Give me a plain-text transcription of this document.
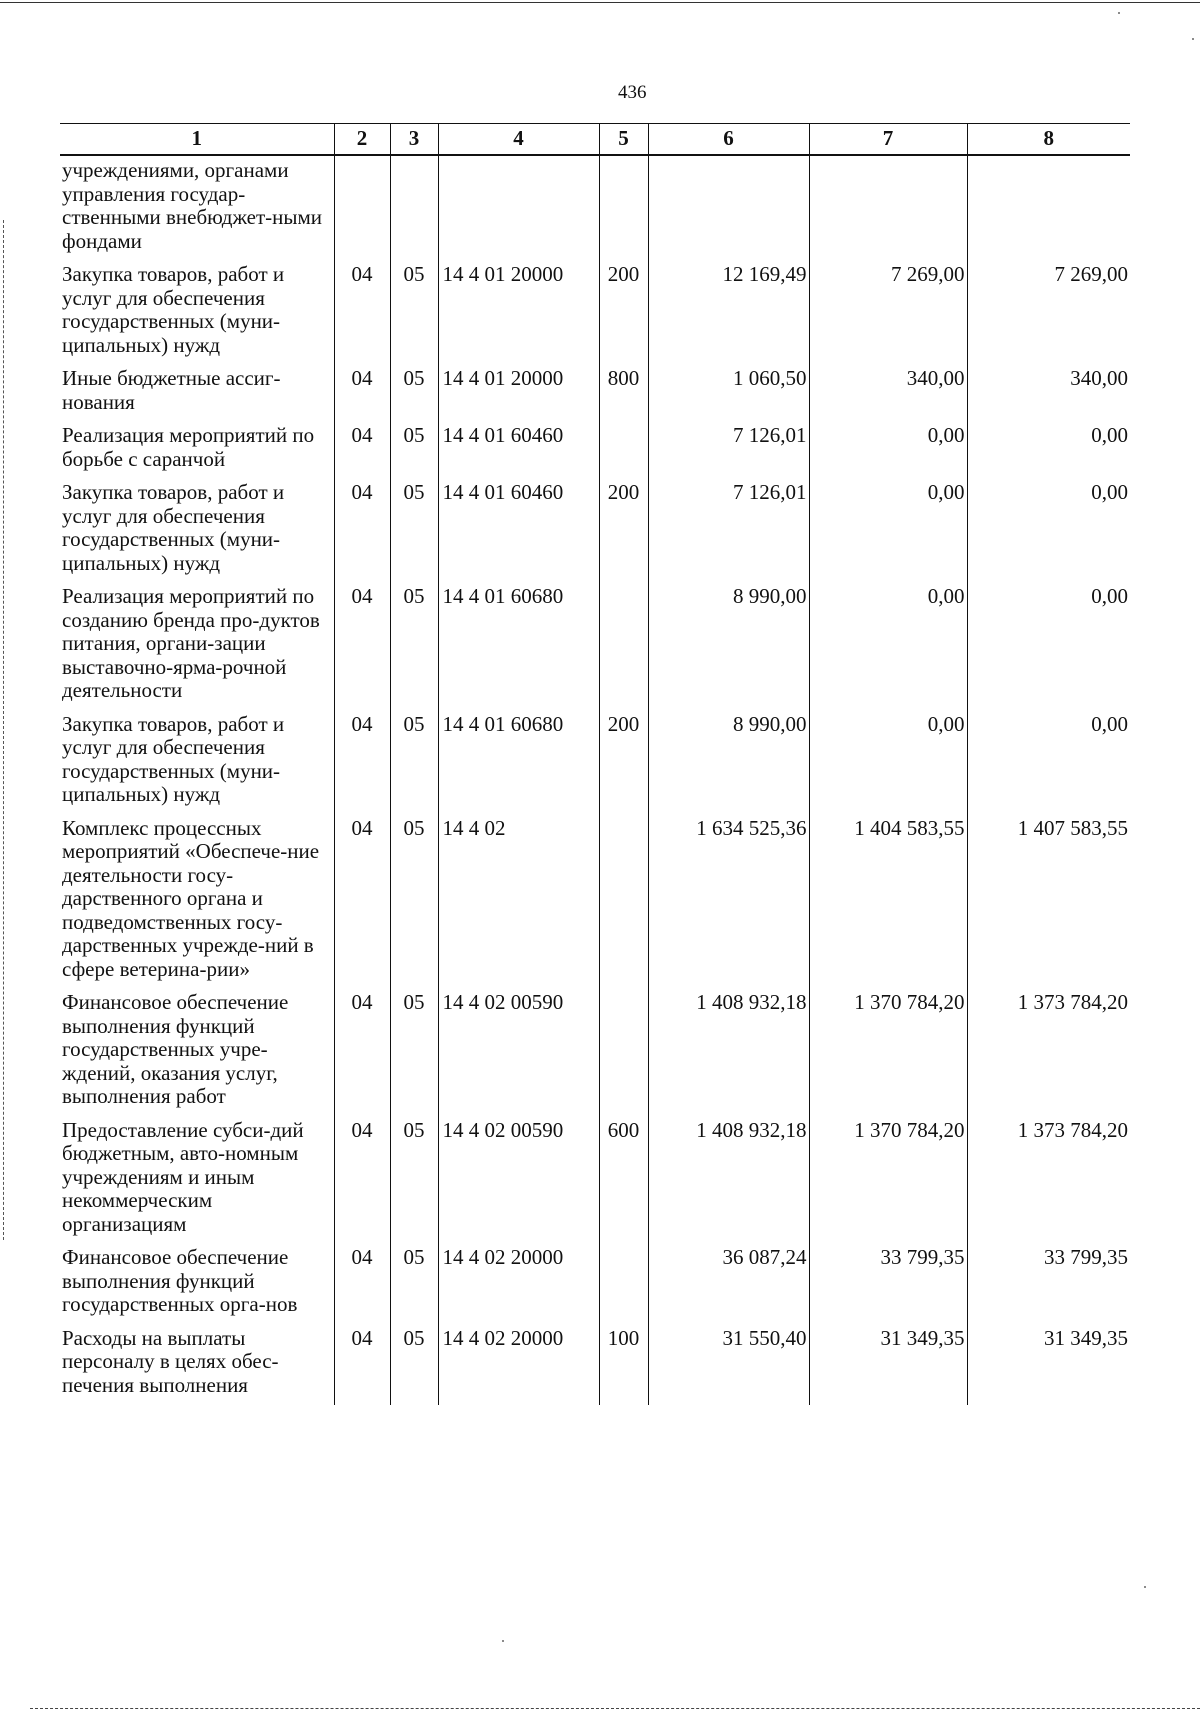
436
1	2	3	4	5	6	7	8
учреждениями, органами управления государ-ственными внебюджет-ными фондами							
Закупка товаров, работ и услуг для обеспечения государственных (муни-ципальных) нужд	04	05	14 4 01 20000	200	12 169,49	7 269,00	7 269,00
Иные бюджетные ассиг-нования	04	05	14 4 01 20000	800	1 060,50	340,00	340,00
Реализация мероприятий по борьбе с саранчой	04	05	14 4 01 60460		7 126,01	0,00	0,00
Закупка товаров, работ и услуг для обеспечения государственных (муни-ципальных) нужд	04	05	14 4 01 60460	200	7 126,01	0,00	0,00
Реализация мероприятий по созданию бренда про-дуктов питания, органи-зации выставочно-ярма-рочной деятельности	04	05	14 4 01 60680		8 990,00	0,00	0,00
Закупка товаров, работ и услуг для обеспечения государственных (муни-ципальных) нужд	04	05	14 4 01 60680	200	8 990,00	0,00	0,00
Комплекс процессных мероприятий «Обеспече-ние деятельности госу-дарственного органа и подведомственных госу-дарственных учрежде-ний в сфере ветерина-рии»	04	05	14 4 02		1 634 525,36	1 404 583,55	1 407 583,55
Финансовое обеспечение выполнения функций государственных учре-ждений, оказания услуг, выполнения работ	04	05	14 4 02 00590		1 408 932,18	1 370 784,20	1 373 784,20
Предоставление субси-дий бюджетным, авто-номным учреждениям и иным некоммерческим организациям	04	05	14 4 02 00590	600	1 408 932,18	1 370 784,20	1 373 784,20
Финансовое обеспечение выполнения функций государственных орга-нов	04	05	14 4 02 20000		36 087,24	33 799,35	33 799,35
Расходы на выплаты персоналу в целях обес-печения выполнения	04	05	14 4 02 20000	100	31 550,40	31 349,35	31 349,35
